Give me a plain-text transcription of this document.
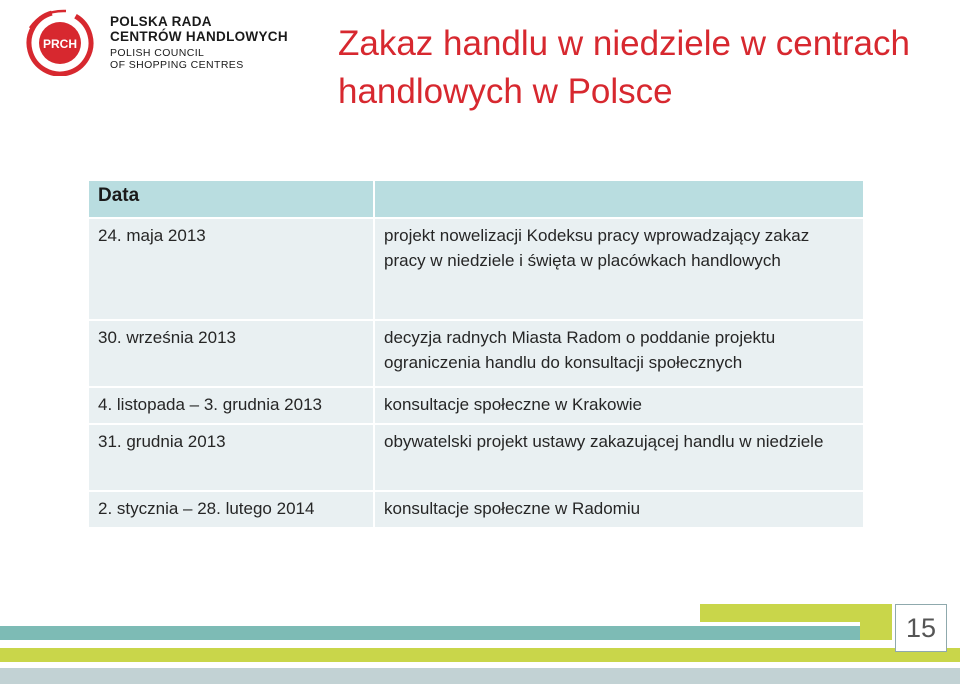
PRCH
POLSKA RADA
CENTRÓW HANDLOWYCH
POLISH COUNCIL
OF SHOPPING CENTRES
Zakaz handlu w niedziele w centrach
handlowych w Polsce
Data	
24. maja 2013	projekt nowelizacji Kodeksu pracy wprowadzający zakaz pracy w niedziele i święta w placówkach handlowych
30. września 2013	decyzja radnych Miasta Radom o poddanie projektu ograniczenia handlu do konsultacji społecznych
4. listopada – 3. grudnia 2013	konsultacje społeczne w Krakowie
31. grudnia 2013	obywatelski projekt ustawy zakazującej handlu w niedziele
2. stycznia – 28. lutego 2014	konsultacje społeczne w Radomiu
15
